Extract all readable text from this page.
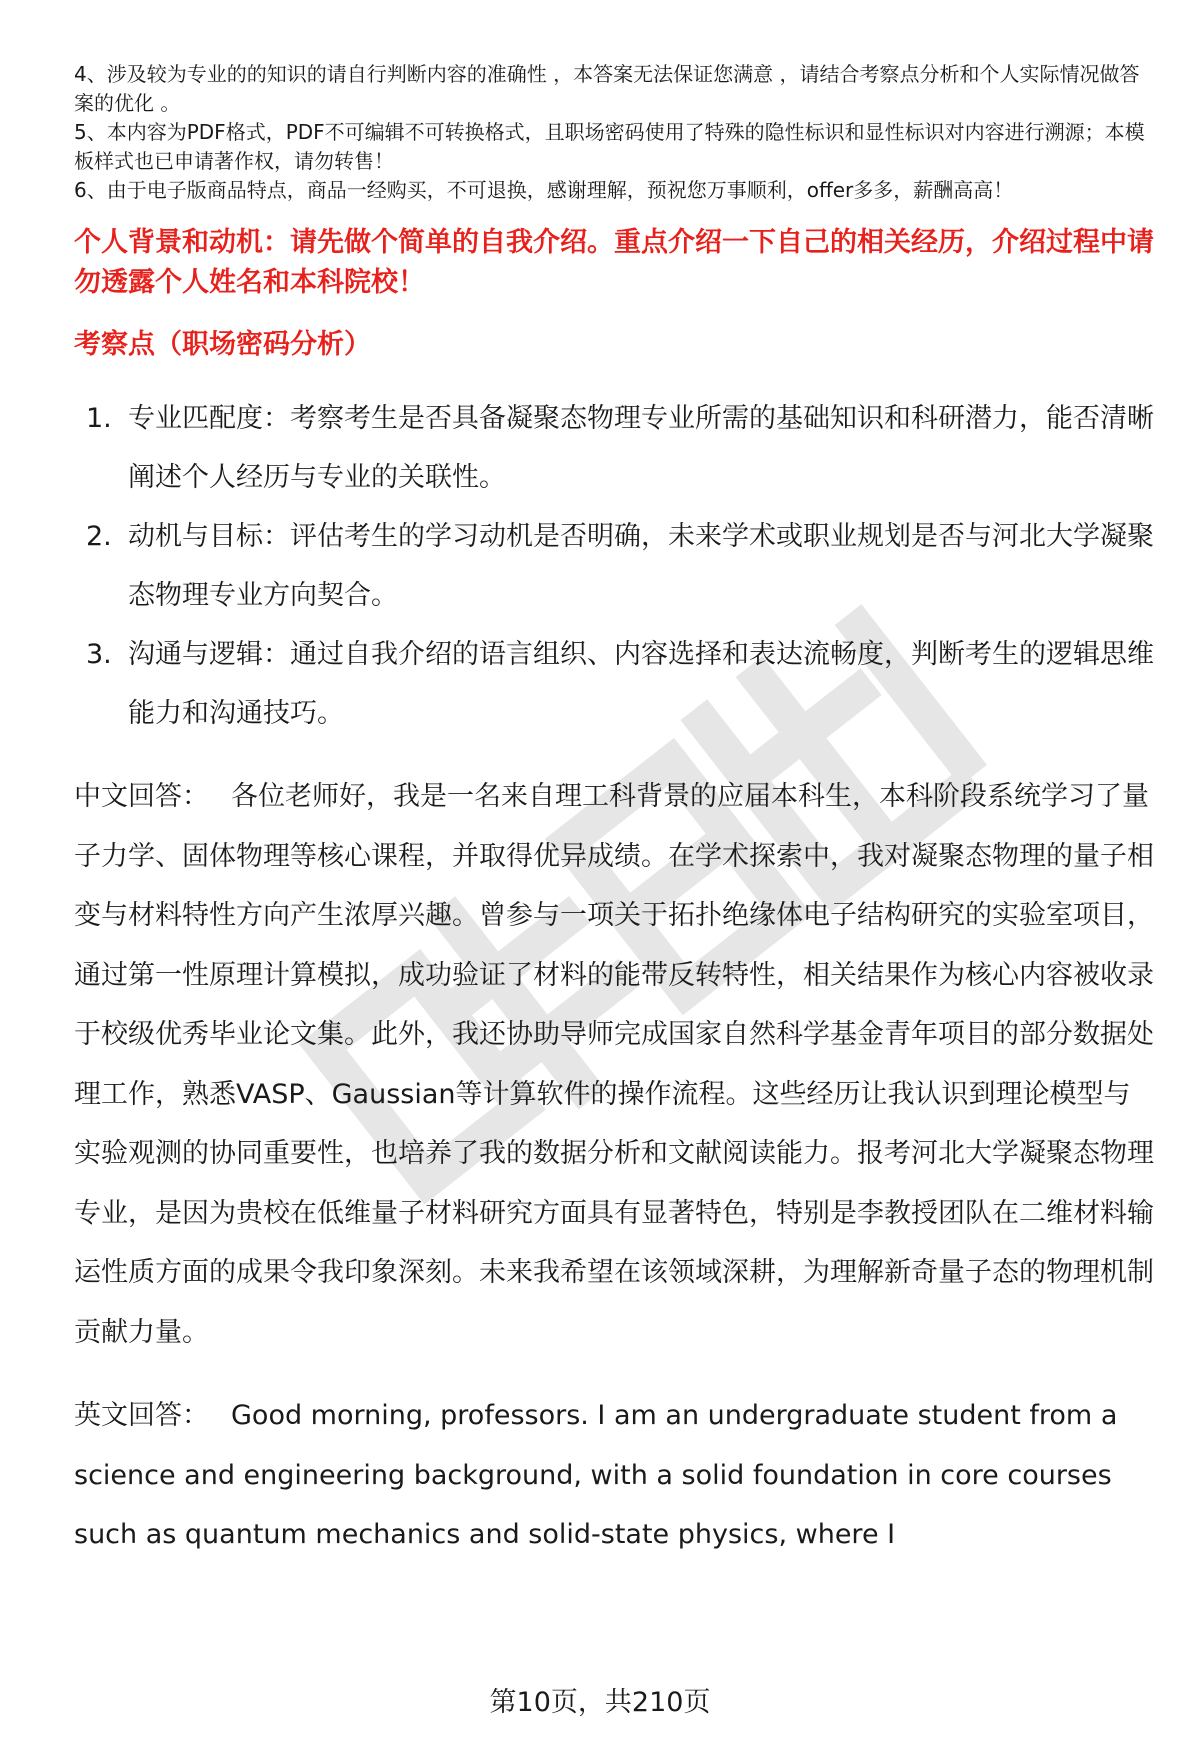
4、涉及较为专业的的知识的请自行判断内容的准确性 ，本答案无法保证您满意 ，请结合考察点分析和个人实际情况做答案的优化 。

5、本内容为PDF格式，PDF不可编辑不可转换格式，且职场密码使用了特殊的隐性标识和显性标识对内容进行溯源；本模板样式也已申请著作权，请勿转售！

6、由于电子版商品特点，商品一经购买，不可退换，感谢理解，预祝您万事顺利，offer多多，薪酬高高！

个人背景和动机：请先做个简单的自我介绍。重点介绍一下自己的相关经历，介绍过程中请勿透露个人姓名和本科院校！

考察点（职场密码分析）

1. 专业匹配度：考察考生是否具备凝聚态物理专业所需的基础知识和科研潜力，能否清晰阐述个人经历与专业的关联性。
2. 动机与目标：评估考生的学习动机是否明确，未来学术或职业规划是否与河北大学凝聚态物理专业方向契合。
3. 沟通与逻辑：通过自我介绍的语言组织、内容选择和表达流畅度，判断考生的逻辑思维能力和沟通技巧。

中文回答： 各位老师好，我是一名来自理工科背景的应届本科生，本科阶段系统学习了量子力学、固体物理等核心课程，并取得优异成绩。在学术探索中，我对凝聚态物理的量子相变与材料特性方向产生浓厚兴趣。曾参与一项关于拓扑绝缘体电子结构研究的实验室项目，通过第一性原理计算模拟，成功验证了材料的能带反转特性，相关结果作为核心内容被收录于校级优秀毕业论文集。此外，我还协助导师完成国家自然科学基金青年项目的部分数据处理工作，熟悉VASP、Gaussian等计算软件的操作流程。这些经历让我认识到理论模型与实验观测的协同重要性，也培养了我的数据分析和文献阅读能力。报考河北大学凝聚态物理专业，是因为贵校在低维量子材料研究方面具有显著特色，特别是李教授团队在二维材料输运性质方面的成果令我印象深刻。未来我希望在该领域深耕，为理解新奇量子态的物理机制贡献力量。

英文回答： Good morning, professors. I am an undergraduate student from a science and engineering background, with a solid foundation in core courses such as quantum mechanics and solid-state physics, where I

第10页，共210页
